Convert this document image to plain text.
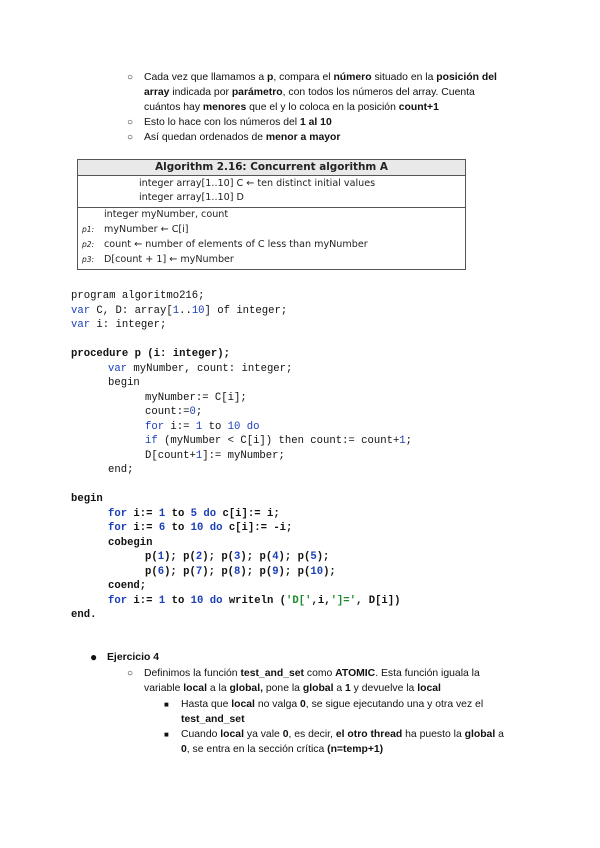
○ Cada vez que llamamos a p, compara el número situado en la posición del
array indicada por parámetro, con todos los números del array. Cuenta
cuántos hay menores que el y lo coloca en la posición count+1
○ Esto lo hace con los números del 1 al 10
○ Así quedan ordenados de menor a mayor
Algorithm 2.16: Concurrent algorithm A
integer array[1..10] C ← ten distinct initial values
integer array[1..10] D
integer myNumber, count
p1: myNumber ← C[i]
p2: count ← number of elements of C less than myNumber
p3: D[count + 1] ← myNumber
program algoritmo216;
var C, D: array[1..10] of integer;
var i: integer;
procedure p (i: integer);
var myNumber, count: integer;
begin
myNumber:= C[i];
count:=0;
for i:= 1 to 10 do
if (myNumber < C[i]) then count:= count+1;
D[count+1]:= myNumber;
end;
begin
for i:= 1 to 5 do c[i]:= i;
for i:= 6 to 10 do c[i]:= -i;
cobegin
p(1); p(2); p(3); p(4); p(5);
p(6); p(7); p(8); p(9); p(10);
coend;
for i:= 1 to 10 do writeln ('D[',i,']=', D[i])
end.
● Ejercicio 4
○ Definimos la función test_and_set como ATOMIC. Esta función iguala la
variable local a la global, pone la global a 1 y devuelve la local
■ Hasta que local no valga 0, se sigue ejecutando una y otra vez el
test_and_set
■ Cuando local ya vale 0, es decir, el otro thread ha puesto la global a
0, se entra en la sección crítica (n=temp+1)
